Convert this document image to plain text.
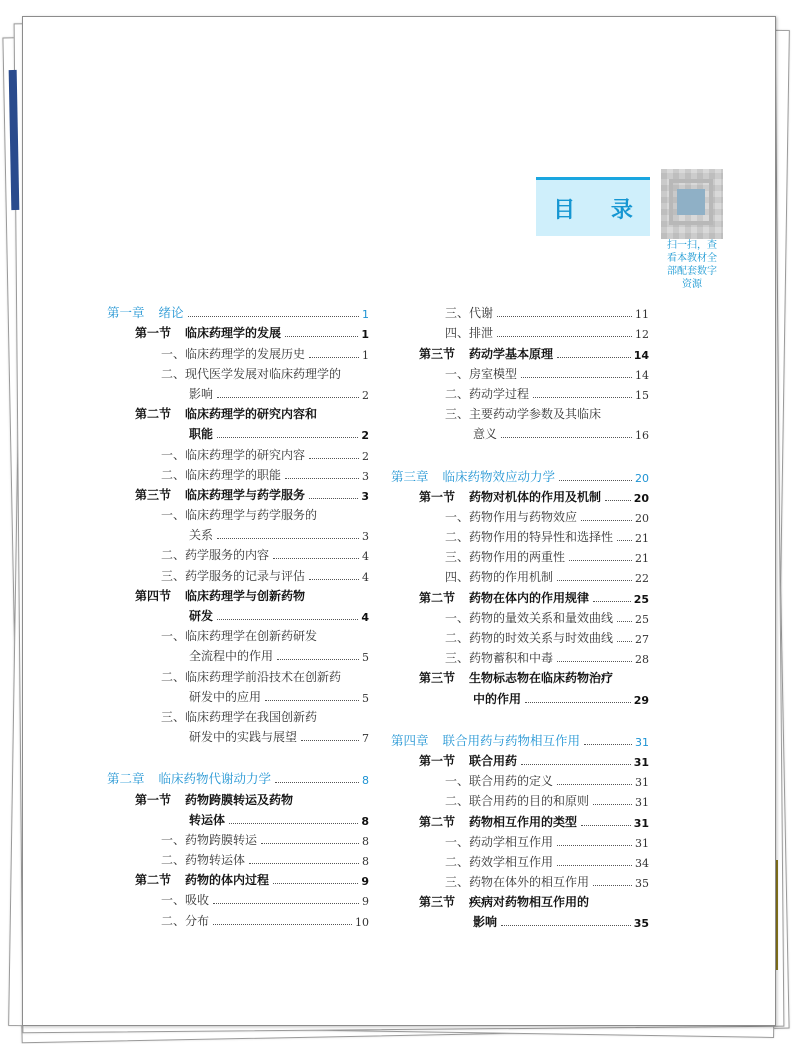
目 录
扫一扫，查
看本教材全
部配套数字
资源
第一章 绪论	1
第一节 临床药理学的发展	1
一、临床药理学的发展历史	1
二、现代医学发展对临床药理学的
影响	2
第二节 临床药理学的研究内容和
职能	2
一、临床药理学的研究内容	2
二、临床药理学的职能	3
第三节 临床药理学与药学服务	3
一、临床药理学与药学服务的
关系	3
二、药学服务的内容	4
三、药学服务的记录与评估	4
第四节 临床药理学与创新药物
研发	4
一、临床药理学在创新药研发
全流程中的作用	5
二、临床药理学前沿技术在创新药
研发中的应用	5
三、临床药理学在我国创新药
研发中的实践与展望	7
第二章 临床药物代谢动力学	8
第一节 药物跨膜转运及药物
转运体	8
一、药物跨膜转运	8
二、药物转运体	8
第二节 药物的体内过程	9
一、吸收	9
二、分布	10
三、代谢	11
四、排泄	12
第三节 药动学基本原理	14
一、房室模型	14
二、药动学过程	15
三、主要药动学参数及其临床
意义	16
第三章 临床药物效应动力学	20
第一节 药物对机体的作用及机制	20
一、药物作用与药物效应	20
二、药物作用的特异性和选择性 21
三、药物作用的两重性	21
四、药物的作用机制	22
第二节 药物在体内的作用规律	25
一、药物的量效关系和量效曲线 25
二、药物的时效关系与时效曲线 27
三、药物蓄积和中毒	28
第三节 生物标志物在临床药物治疗
中的作用	29
第四章 联合用药与药物相互作用	31
第一节 联合用药	31
一、联合用药的定义	31
二、联合用药的目的和原则	31
第二节 药物相互作用的类型	31
一、药动学相互作用	31
二、药效学相互作用	34
三、药物在体外的相互作用	35
第三节 疾病对药物相互作用的
影响	35
